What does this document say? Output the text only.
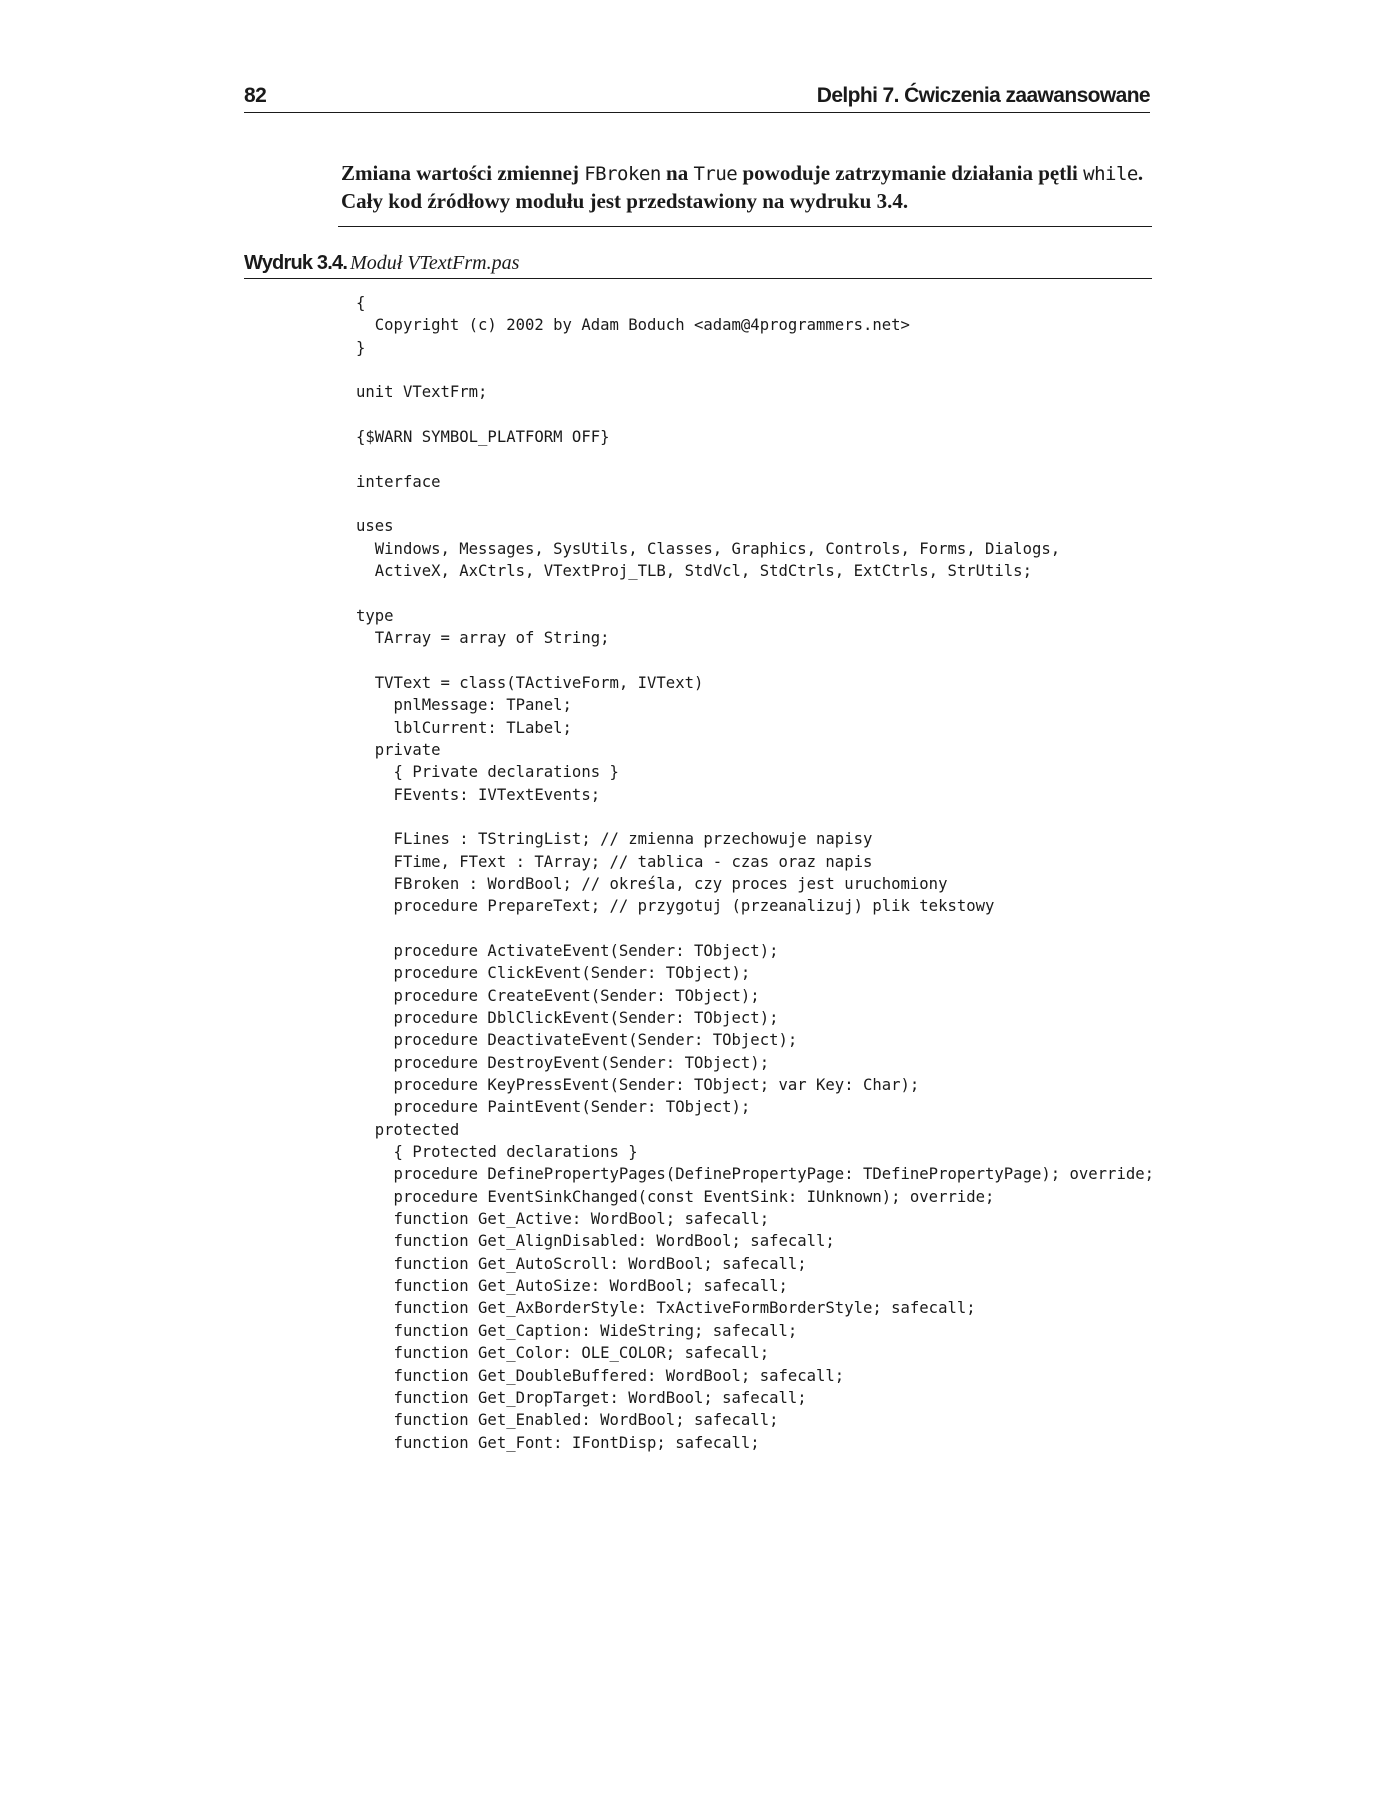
82	Delphi 7. Ćwiczenia zaawansowane
Zmiana wartości zmiennej FBroken na True powoduje zatrzymanie działania pętli while.
Cały kod źródłowy modułu jest przedstawiony na wydruku 3.4.
Wydruk 3.4. Moduł VTextFrm.pas
{
Copyright (c) 2002 by Adam Boduch <adam@4programmers.net>
}
unit VTextFrm;
{$WARN SYMBOL_PLATFORM OFF}
interface
uses
Windows, Messages, SysUtils, Classes, Graphics, Controls, Forms, Dialogs,
ActiveX, AxCtrls, VTextProj_TLB, StdVcl, StdCtrls, ExtCtrls, StrUtils;
type
TArray = array of String;
TVText = class(TActiveForm, IVText)
pnlMessage: TPanel;
lblCurrent: TLabel;
private
{ Private declarations }
FEvents: IVTextEvents;
FLines : TStringList; // zmienna przechowuje napisy
FTime, FText : TArray; // tablica - czas oraz napis
FBroken : WordBool; // określa, czy proces jest uruchomiony
procedure PrepareText; // przygotuj (przeanalizuj) plik tekstowy
procedure ActivateEvent(Sender: TObject);
procedure ClickEvent(Sender: TObject);
procedure CreateEvent(Sender: TObject);
procedure DblClickEvent(Sender: TObject);
procedure DeactivateEvent(Sender: TObject);
procedure DestroyEvent(Sender: TObject);
procedure KeyPressEvent(Sender: TObject; var Key: Char);
procedure PaintEvent(Sender: TObject);
protected
{ Protected declarations }
procedure DefinePropertyPages(DefinePropertyPage: TDefinePropertyPage); override;
procedure EventSinkChanged(const EventSink: IUnknown); override;
function Get_Active: WordBool; safecall;
function Get_AlignDisabled: WordBool; safecall;
function Get_AutoScroll: WordBool; safecall;
function Get_AutoSize: WordBool; safecall;
function Get_AxBorderStyle: TxActiveFormBorderStyle; safecall;
function Get_Caption: WideString; safecall;
function Get_Color: OLE_COLOR; safecall;
function Get_DoubleBuffered: WordBool; safecall;
function Get_DropTarget: WordBool; safecall;
function Get_Enabled: WordBool; safecall;
function Get_Font: IFontDisp; safecall;
